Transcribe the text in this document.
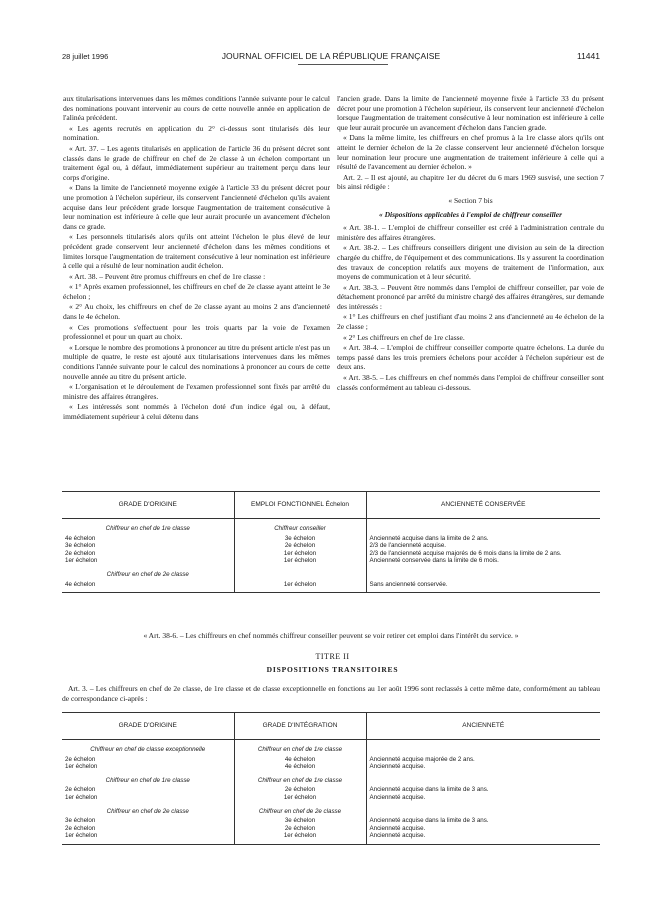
28 juillet 1996	JOURNAL OFFICIEL DE LA RÉPUBLIQUE FRANÇAISE	11441

aux titularisations intervenues dans les mêmes conditions l'année suivante pour le calcul des nominations pouvant intervenir au cours de cette nouvelle année en application de l'alinéa précédent.

« Les agents recrutés en application du 2° ci-dessus sont titularisés dès leur nomination.

« Art. 37. – Les agents titularisés en application de l'article 36 du présent décret sont classés dans le grade de chiffreur en chef de 2e classe à un échelon comportant un traitement égal ou, à défaut, immédiatement supérieur au traitement perçu dans leur corps d'origine.

« Dans la limite de l'ancienneté moyenne exigée à l'article 33 du présent décret pour une promotion à l'échelon supérieur, ils conservent l'ancienneté d'échelon qu'ils avaient acquise dans leur précédent grade lorsque l'augmentation de traitement consécutive à leur nomination est inférieure à celle que leur aurait procurée un avancement d'échelon dans ce grade.

« Les personnels titularisés alors qu'ils ont atteint l'échelon le plus élevé de leur précédent grade conservent leur ancienneté d'échelon dans les mêmes conditions et limites lorsque l'augmentation de traitement consécutive à leur nomination est inférieure à celle qui a résulté de leur nomination audit échelon.

« Art. 38. – Peuvent être promus chiffreurs en chef de 1re classe :

« 1° Après examen professionnel, les chiffreurs en chef de 2e classe ayant atteint le 3e échelon ;

« 2° Au choix, les chiffreurs en chef de 2e classe ayant au moins 2 ans d'ancienneté dans le 4e échelon.

« Ces promotions s'effectuent pour les trois quarts par la voie de l'examen professionnel et pour un quart au choix.

« Lorsque le nombre des promotions à prononcer au titre du présent article n'est pas un multiple de quatre, le reste est ajouté aux titularisations intervenues dans les mêmes conditions l'année suivante pour le calcul des nominations à prononcer au cours de cette nouvelle année au titre du présent article.

« L'organisation et le déroulement de l'examen professionnel sont fixés par arrêté du ministre des affaires étrangères.

« Les intéressés sont nommés à l'échelon doté d'un indice égal ou, à défaut, immédiatement supérieur à celui détenu dans

l'ancien grade. Dans la limite de l'ancienneté moyenne fixée à l'article 33 du présent décret pour une promotion à l'échelon supérieur, ils conservent leur ancienneté d'échelon lorsque l'augmentation de traitement consécutive à leur nomination est inférieure à celle que leur aurait procurée un avancement d'échelon dans l'ancien grade.

« Dans la même limite, les chiffreurs en chef promus à la 1re classe alors qu'ils ont atteint le dernier échelon de la 2e classe conservent leur ancienneté d'échelon lorsque leur nomination leur procure une augmentation de traitement inférieure à celle qui a résulté de l'avancement au dernier échelon. »

Art. 2. – Il est ajouté, au chapitre 1er du décret du 6 mars 1969 susvisé, une section 7 bis ainsi rédigée :

« Section 7 bis

« Dispositions applicables à l'emploi de chiffreur conseiller

« Art. 38-1. – L'emploi de chiffreur conseiller est créé à l'administration centrale du ministère des affaires étrangères.

« Art. 38-2. – Les chiffreurs conseillers dirigent une division au sein de la direction chargée du chiffre, de l'équipement et des communications. Ils y assurent la coordination des travaux de conception relatifs aux moyens de traitement de l'information, aux moyens de communication et à leur sécurité.

« Art. 38-3. – Peuvent être nommés dans l'emploi de chiffreur conseiller, par voie de détachement prononcé par arrêté du ministre chargé des affaires étrangères, sur demande des intéressés :

« 1° Les chiffreurs en chef justifiant d'au moins 2 ans d'ancienneté au 4e échelon de la 2e classe ;

« 2° Les chiffreurs en chef de 1re classe.

« Art. 38-4. – L'emploi de chiffreur conseiller comporte quatre échelons. La durée du temps passé dans les trois premiers échelons pour accéder à l'échelon supérieur est de deux ans.

« Art. 38-5. – Les chiffreurs en chef nommés dans l'emploi de chiffreur conseiller sont classés conformément au tableau ci-dessous.

GRADE D'ORIGINE	EMPLOI FONCTIONNEL Échelon	ANCIENNETÉ CONSERVÉE
Chiffreur en chef de 1re classe	Chiffreur conseiller	
4e échelon	3e échelon	Ancienneté acquise dans la limite de 2 ans.
3e échelon	2e échelon	2/3 de l'ancienneté acquise.
2e échelon	1er échelon	2/3 de l'ancienneté acquise majorés de 6 mois dans la limite de 2 ans.
1er échelon	1er échelon	Ancienneté conservée dans la limite de 6 mois.
Chiffreur en chef de 2e classe		
4e échelon	1er échelon	Sans ancienneté conservée.
« Art. 38-6. – Les chiffreurs en chef nommés chiffreur conseiller peuvent se voir retirer cet emploi dans l'intérêt du service. »
TITRE II
DISPOSITIONS TRANSITOIRES

Art. 3. – Les chiffreurs en chef de 2e classe, de 1re classe et de classe exceptionnelle en fonctions au 1er août 1996 sont reclassés à cette même date, conformément au tableau de correspondance ci-après :

GRADE D'ORIGINE	GRADE D'INTÉGRATION	ANCIENNETÉ
Chiffreur en chef de classe exceptionnelle	Chiffreur en chef de 1re classe	
2e échelon	4e échelon	Ancienneté acquise majorée de 2 ans.
1er échelon	4e échelon	Ancienneté acquise.
Chiffreur en chef de 1re classe	Chiffreur en chef de 1re classe	
2e échelon	2e échelon	Ancienneté acquise dans la limite de 3 ans.
1er échelon	1er échelon	Ancienneté acquise.
Chiffreur en chef de 2e classe	Chiffreur en chef de 2e classe	
3e échelon	3e échelon	Ancienneté acquise dans la limite de 3 ans.
2e échelon	2e échelon	Ancienneté acquise.
1er échelon	1er échelon	Ancienneté acquise.
